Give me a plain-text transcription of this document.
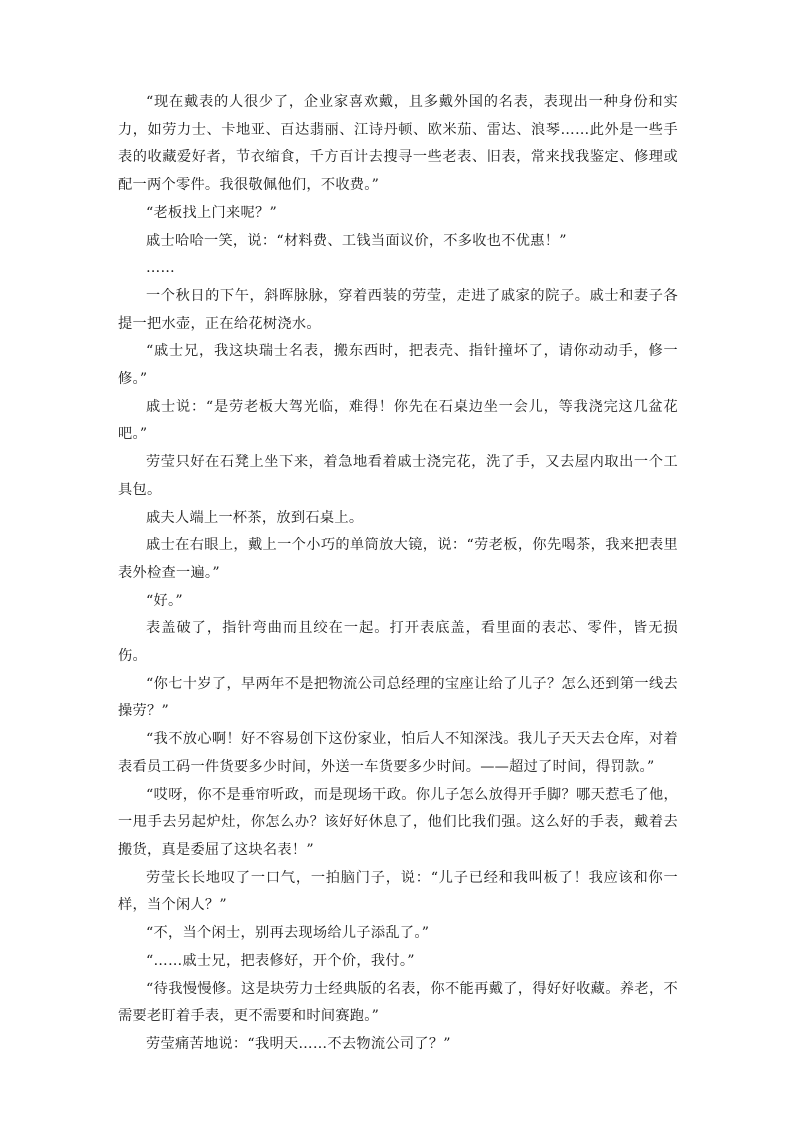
“现在戴表的人很少了，企业家喜欢戴，且多戴外国的名表，表现出一种身份和实力，如劳力士、卡地亚、百达翡丽、江诗丹顿、欧米茄、雷达、浪琴……此外是一些手表的收藏爱好者，节衣缩食，千方百计去搜寻一些老表、旧表，常来找我鉴定、修理或配一两个零件。我很敬佩他们，不收费。”

“老板找上门来呢？”

戚士哈哈一笑，说：“材料费、工钱当面议价，不多收也不优惠！”

……

一个秋日的下午，斜晖脉脉，穿着西装的劳莹，走进了戚家的院子。戚士和妻子各提一把水壶，正在给花树浇水。

“戚士兄，我这块瑞士名表，搬东西时，把表壳、指针撞坏了，请你动动手，修一修。”

戚士说：“是劳老板大驾光临，难得！你先在石桌边坐一会儿，等我浇完这几盆花吧。”

劳莹只好在石凳上坐下来，着急地看着戚士浇完花，洗了手，又去屋内取出一个工具包。

戚夫人端上一杯茶，放到石桌上。

戚士在右眼上，戴上一个小巧的单筒放大镜，说：“劳老板，你先喝茶，我来把表里表外检查一遍。”

“好。”

表盖破了，指针弯曲而且绞在一起。打开表底盖，看里面的表芯、零件，皆无损伤。

“你七十岁了，早两年不是把物流公司总经理的宝座让给了儿子？怎么还到第一线去操劳？”

“我不放心啊！好不容易创下这份家业，怕后人不知深浅。我儿子天天去仓库，对着表看员工码一件货要多少时间，外送一车货要多少时间。——超过了时间，得罚款。”

“哎呀，你不是垂帘听政，而是现场干政。你儿子怎么放得开手脚？哪天惹毛了他，一甩手去另起炉灶，你怎么办？该好好休息了，他们比我们强。这么好的手表，戴着去搬货，真是委屈了这块名表！”

劳莹长长地叹了一口气，一拍脑门子，说：“儿子已经和我叫板了！我应该和你一样，当个闲人？”

“不，当个闲士，别再去现场给儿子添乱了。”

“……戚士兄，把表修好，开个价，我付。”

“待我慢慢修。这是块劳力士经典版的名表，你不能再戴了，得好好收藏。养老，不需要老盯着手表，更不需要和时间赛跑。”

劳莹痛苦地说：“我明天……不去物流公司了？”
